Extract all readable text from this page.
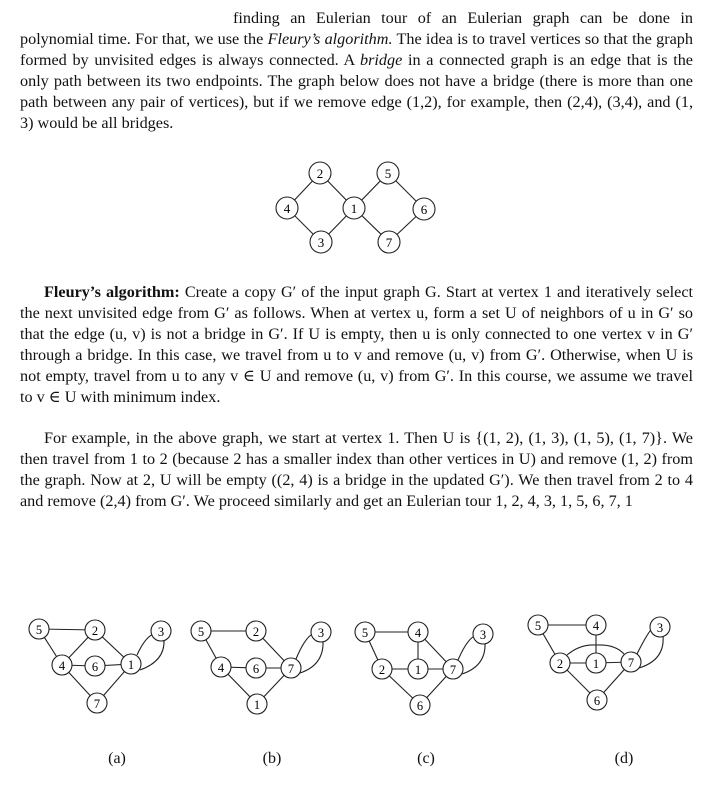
finding an Eulerian tour of an Eulerian graph can be done in polynomial time. For that, we use the Fleury’s algorithm. The idea is to travel vertices so that the graph formed by unvisited edges is always connected. A bridge in a connected graph is an edge that is the only path between its two endpoints. The graph below does not have a bridge (there is more than one path between any pair of vertices), but if we remove edge (1,2), for example, then (2,4), (3,4), and (1, 3) would be all bridges.

1
2
3
4
5
6
7

Fleury’s algorithm: Create a copy G′ of the input graph G. Start at vertex 1 and iteratively select the next unvisited edge from G′ as follows. When at vertex u, form a set U of neighbors of u in G′ so that the edge (u, v) is not a bridge in G′. If U is empty, then u is only connected to one vertex v in G′ through a bridge. In this case, we travel from u to v and remove (u, v) from G′. Otherwise, when U is not empty, travel from u to any v ∈ U and remove (u, v) from G′. In this course, we assume we travel to v ∈ U with minimum index.

For example, in the above graph, we start at vertex 1. Then U is {(1, 2), (1, 3), (1, 5), (1, 7)}. We then travel from 1 to 2 (because 2 has a smaller index than other vertices in U) and remove (1, 2) from the graph. Now at 2, U will be empty ((2, 4) is a bridge in the updated G′). We then travel from 2 to 4 and remove (2,4) from G′. We proceed similarly and get an Eulerian tour 1, 2, 4, 3, 1, 5, 6, 7, 1

5	2	3
4 6 1
7
(a)
5	2	3
4 6 7
1
(b)
5	4	3
2 1 7
6
(c)
5	4	3
2 1 7
6
(d)
